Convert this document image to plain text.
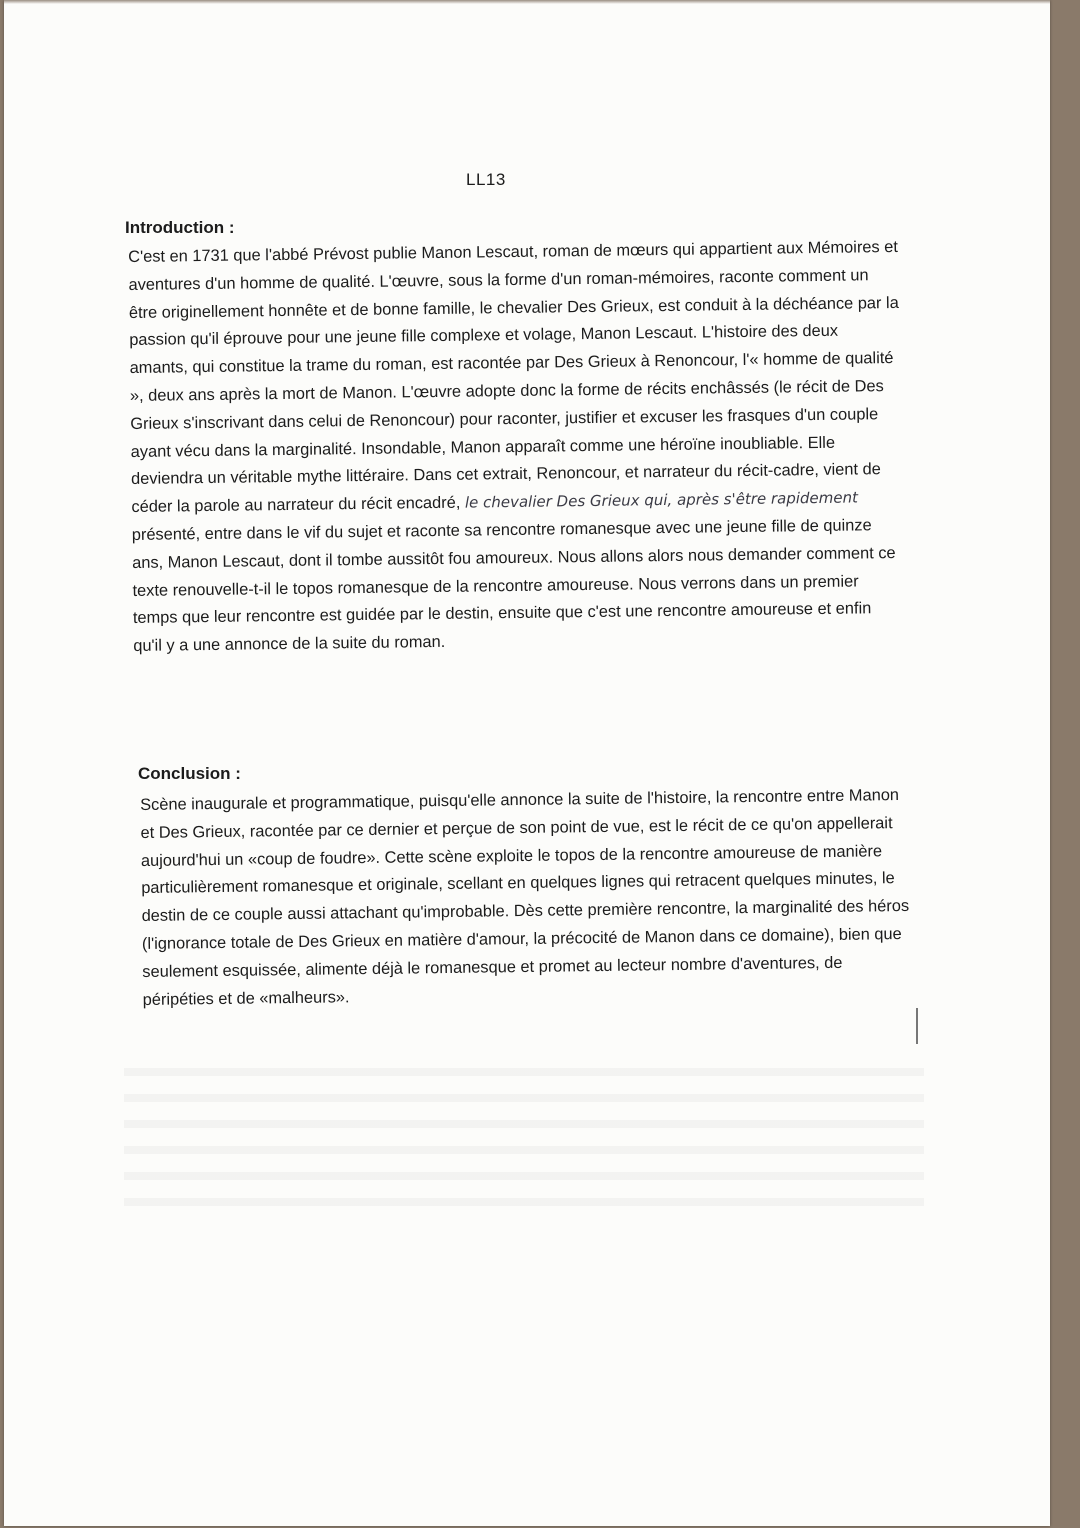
LL13
Introduction :

C'est en 1731 que l'abbé Prévost publie Manon Lescaut, roman de mœurs qui appartient aux Mémoires et aventures d'un homme de qualité. L'œuvre, sous la forme d'un roman-mémoires, raconte comment un être originellement honnête et de bonne famille, le chevalier Des Grieux, est conduit à la déchéance par la passion qu'il éprouve pour une jeune fille complexe et volage, Manon Lescaut. L'histoire des deux amants, qui constitue la trame du roman, est racontée par Des Grieux à Renoncour, l'« homme de qualité », deux ans après la mort de Manon. L'œuvre adopte donc la forme de récits enchâssés (le récit de Des Grieux s'inscrivant dans celui de Renoncour) pour raconter, justifier et excuser les frasques d'un couple ayant vécu dans la marginalité. Insondable, Manon apparaît comme une héroïne inoubliable. Elle deviendra un véritable mythe littéraire. Dans cet extrait, Renoncour, et narrateur du récit-cadre, vient de céder la parole au narrateur du récit encadré, le chevalier Des Grieux qui, après s'être rapidement présenté, entre dans le vif du sujet et raconte sa rencontre romanesque avec une jeune fille de quinze ans, Manon Lescaut, dont il tombe aussitôt fou amoureux. Nous allons alors nous demander comment ce texte renouvelle-t-il le topos romanesque de la rencontre amoureuse. Nous verrons dans un premier temps que leur rencontre est guidée par le destin, ensuite que c'est une rencontre amoureuse et enfin qu'il y a une annonce de la suite du roman.

Conclusion :

Scène inaugurale et programmatique, puisqu'elle annonce la suite de l'histoire, la rencontre entre Manon et Des Grieux, racontée par ce dernier et perçue de son point de vue, est le récit de ce qu'on appellerait aujourd'hui un «coup de foudre». Cette scène exploite le topos de la rencontre amoureuse de manière particulièrement romanesque et originale, scellant en quelques lignes qui retracent quelques minutes, le destin de ce couple aussi attachant qu'improbable. Dès cette première rencontre, la marginalité des héros (l'ignorance totale de Des Grieux en matière d'amour, la précocité de Manon dans ce domaine), bien que seulement esquissée, alimente déjà le romanesque et promet au lecteur nombre d'aventures, de péripéties et de «malheurs».
